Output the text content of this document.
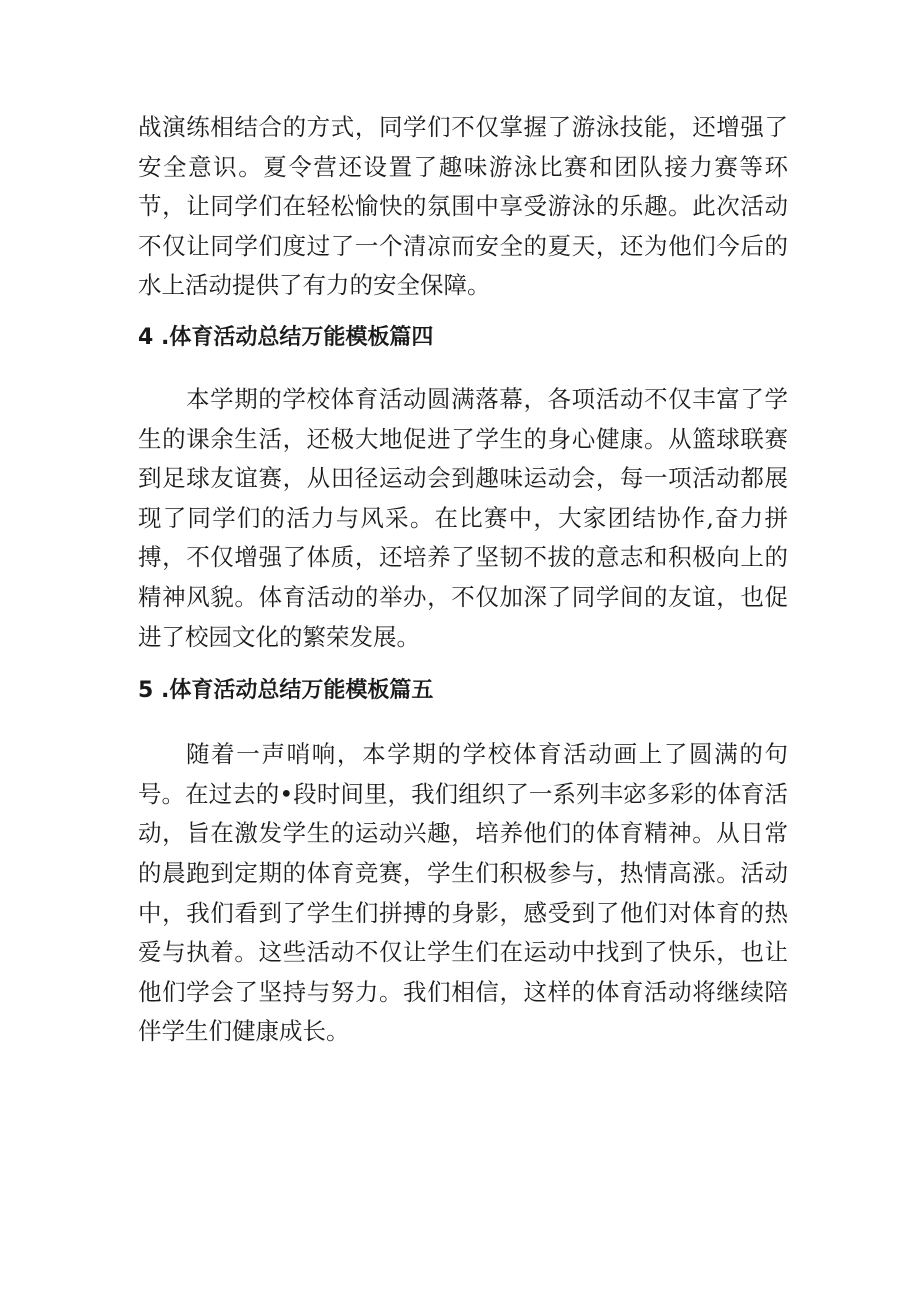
战演练相结合的方式，同学们不仅掌握了游泳技能，还增强了安全意识。夏令营还设置了趣味游泳比赛和团队接力赛等环节，让同学们在轻松愉快的氛围中享受游泳的乐趣。此次活动不仅让同学们度过了一个清凉而安全的夏天，还为他们今后的水上活动提供了有力的安全保障。

4 .体育活动总结万能模板篇四

本学期的学校体育活动圆满落幕，各项活动不仅丰富了学生的课余生活，还极大地促进了学生的身心健康。从篮球联赛到足球友谊赛，从田径运动会到趣味运动会，每一项活动都展现了同学们的活力与风采。在比赛中，大家团结协作,奋力拼搏，不仅增强了体质，还培养了坚韧不拔的意志和积极向上的精神风貌。体育活动的举办，不仅加深了同学间的友谊，也促进了校园文化的繁荣发展。

5 .体育活动总结万能模板篇五

随着一声哨响，本学期的学校体育活动画上了圆满的句号。在过去的•段时间里，我们组织了一系列丰宓多彩的体育活动，旨在激发学生的运动兴趣，培养他们的体育精神。从日常的晨跑到定期的体育竞赛，学生们积极参与，热情高涨。活动中，我们看到了学生们拼搏的身影，感受到了他们对体育的热爱与执着。这些活动不仅让学生们在运动中找到了快乐，也让他们学会了坚持与努力。我们相信，这样的体育活动将继续陪伴学生们健康成长。
